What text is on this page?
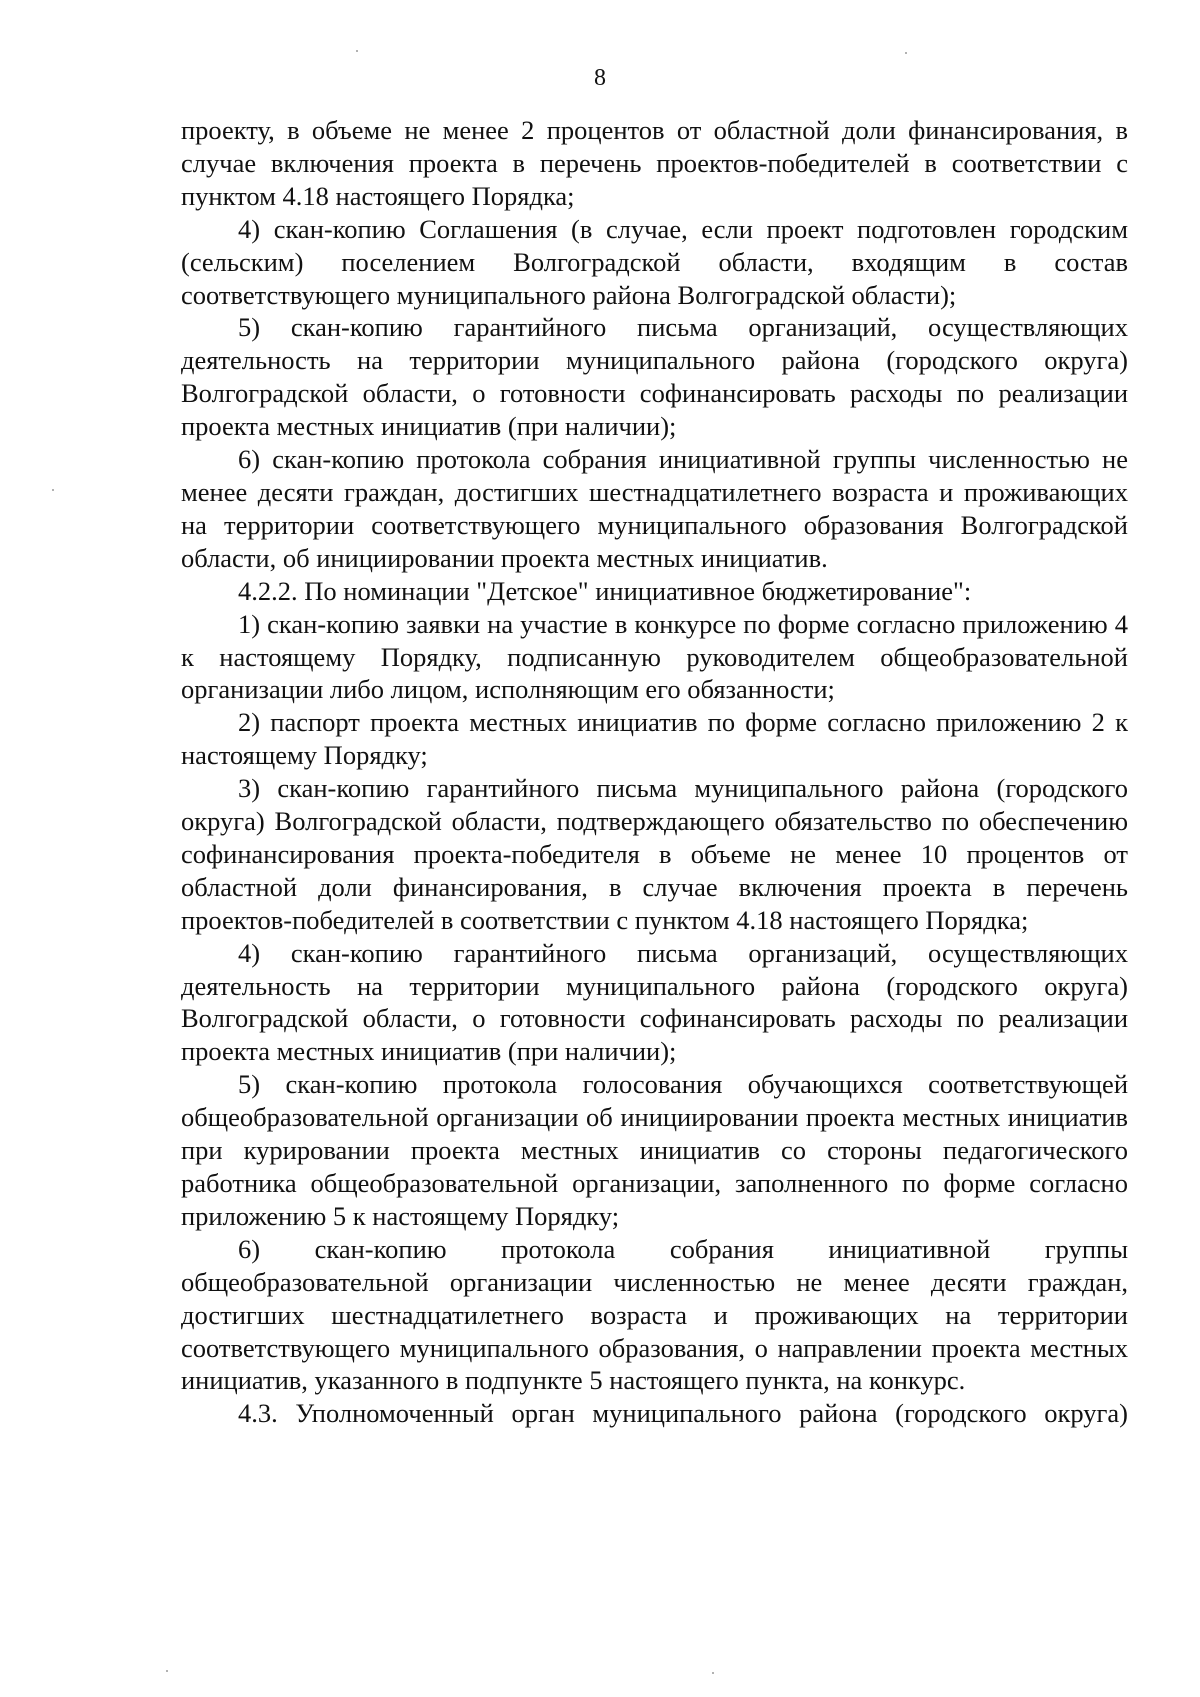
8

проекту, в объеме не менее 2 процентов от областной доли финансирования, в случае включения проекта в перечень проектов-победителей в соответствии с пунктом 4.18 настоящего Порядка;

4) скан-копию Соглашения (в случае, если проект подготовлен городским (сельским) поселением Волгоградской области, входящим в состав соответствующего муниципального района Волгоградской области);

5) скан-копию гарантийного письма организаций, осуществляющих деятельность на территории муниципального района (городского округа) Волгоградской области, о готовности софинансировать расходы по реализации проекта местных инициатив (при наличии);

6) скан-копию протокола собрания инициативной группы численностью не менее десяти граждан, достигших шестнадцатилетнего возраста и проживающих на территории соответствующего муниципального образования Волгоградской области, об инициировании проекта местных инициатив.

4.2.2. По номинации "Детское" инициативное бюджетирование":

1) скан-копию заявки на участие в конкурсе по форме согласно приложению 4 к настоящему Порядку, подписанную руководителем общеобразовательной организации либо лицом, исполняющим его обязанности;

2) паспорт проекта местных инициатив по форме согласно приложению 2 к настоящему Порядку;

3) скан-копию гарантийного письма муниципального района (городского округа) Волгоградской области, подтверждающего обязательство по обеспечению софинансирования проекта-победителя в объеме не менее 10 процентов от областной доли финансирования, в случае включения проекта в перечень проектов-победителей в соответствии с пунктом 4.18 настоящего Порядка;

4) скан-копию гарантийного письма организаций, осуществляющих деятельность на территории муниципального района (городского округа) Волгоградской области, о готовности софинансировать расходы по реализации проекта местных инициатив (при наличии);

5) скан-копию протокола голосования обучающихся соответствующей общеобразовательной организации об инициировании проекта местных инициатив при курировании проекта местных инициатив со стороны педагогического работника общеобразовательной организации, заполненного по форме согласно приложению 5 к настоящему Порядку;

6) скан-копию протокола собрания инициативной группы общеобразовательной организации численностью не менее десяти граждан, достигших шестнадцатилетнего возраста и проживающих на территории соответствующего муниципального образования, о направлении проекта местных инициатив, указанного в подпункте 5 настоящего пункта, на конкурс.

4.3. Уполномоченный орган муниципального района (городского округа)
